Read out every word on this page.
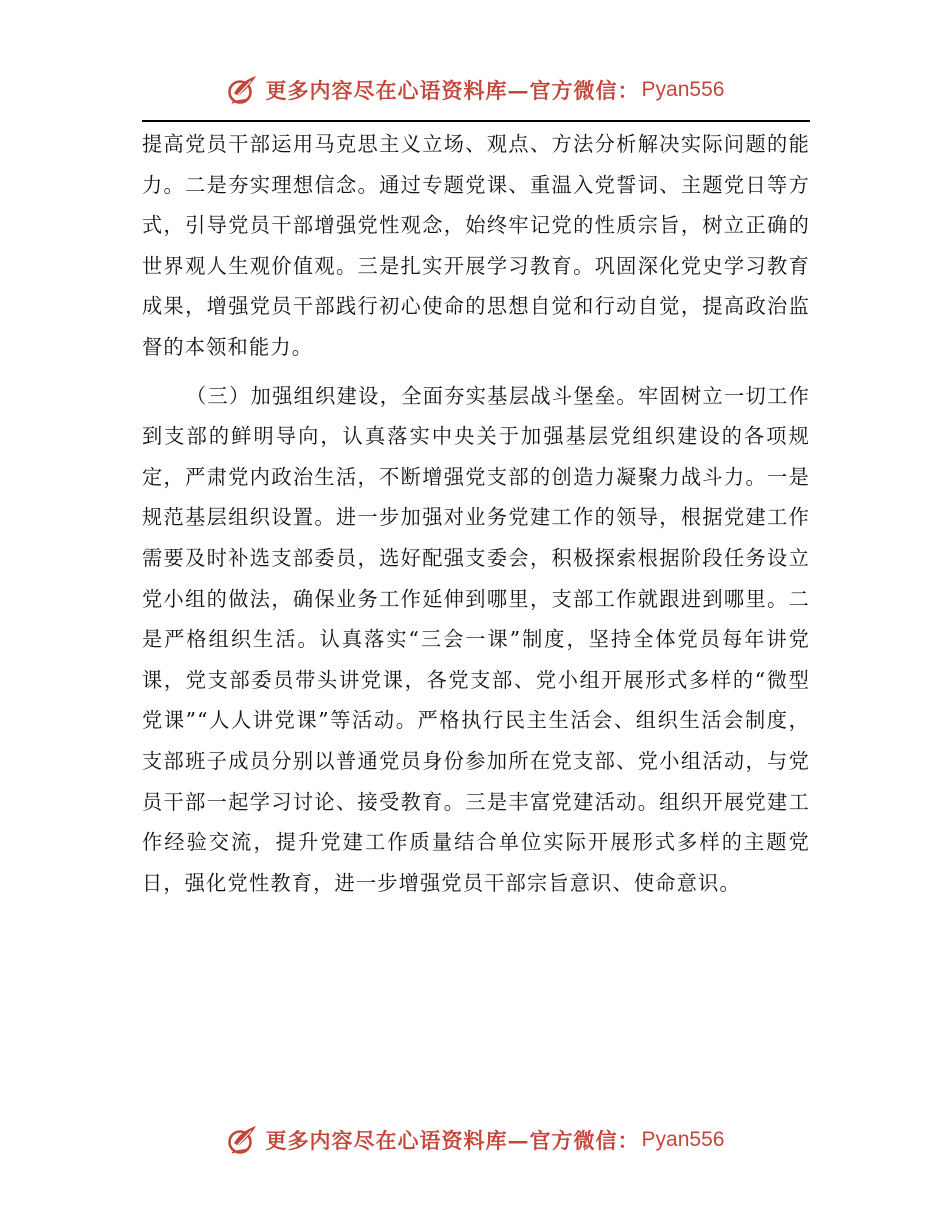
更多内容尽在心语资料库—官方微信： Pyan556

提高党员干部运用马克思主义立场、观点、方法分析解决实际问题的能力。二是夯实理想信念。通过专题党课、重温入党誓词、主题党日等方式，引导党员干部增强党性观念，始终牢记党的性质宗旨，树立正确的世界观人生观价值观。三是扎实开展学习教育。巩固深化党史学习教育成果，增强党员干部践行初心使命的思想自觉和行动自觉，提高政治监督的本领和能力。

（三）加强组织建设，全面夯实基层战斗堡垒。牢固树立一切工作到支部的鲜明导向，认真落实中央关于加强基层党组织建设的各项规定，严肃党内政治生活，不断增强党支部的创造力凝聚力战斗力。一是规范基层组织设置。进一步加强对业务党建工作的领导，根据党建工作需要及时补选支部委员，选好配强支委会，积极探索根据阶段任务设立党小组的做法，确保业务工作延伸到哪里，支部工作就跟进到哪里。二是严格组织生活。认真落实“三会一课”制度，坚持全体党员每年讲党课，党支部委员带头讲党课，各党支部、党小组开展形式多样的“微型党课”“人人讲党课”等活动。严格执行民主生活会、组织生活会制度，支部班子成员分别以普通党员身份参加所在党支部、党小组活动，与党员干部一起学习讨论、接受教育。三是丰富党建活动。组织开展党建工作经验交流，提升党建工作质量结合单位实际开展形式多样的主题党日，强化党性教育，进一步增强党员干部宗旨意识、使命意识。

更多内容尽在心语资料库—官方微信： Pyan556
